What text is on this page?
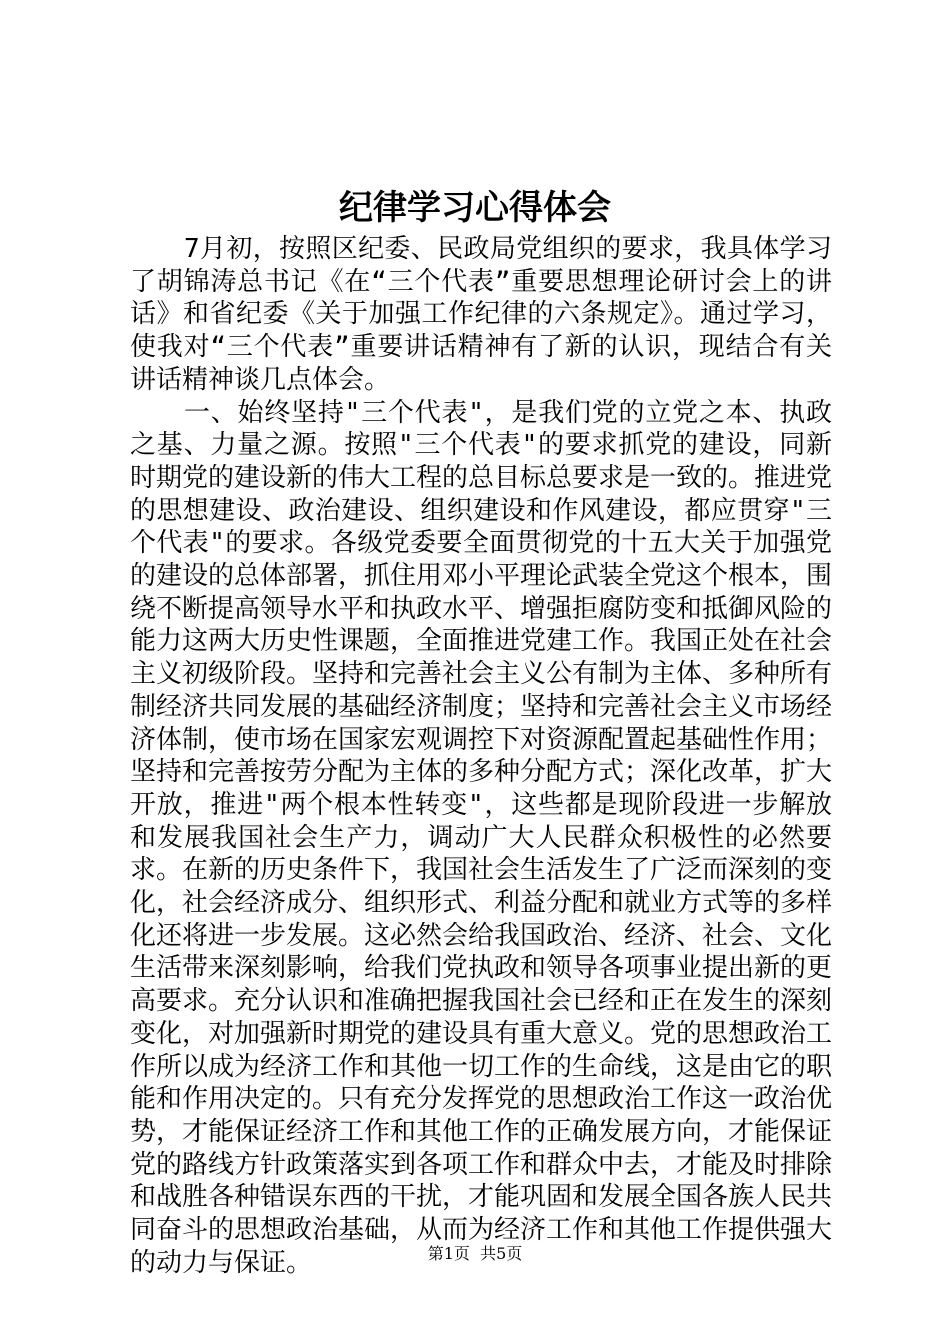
纪律学习心得体会

7月初，按照区纪委、民政局党组织的要求，我具体学习了胡锦涛总书记《在“三个代表”重要思想理论研讨会上的讲话》和省纪委《关于加强工作纪律的六条规定》。通过学习，使我对“三个代表”重要讲话精神有了新的认识，现结合有关讲话精神谈几点体会。

一、始终坚持"三个代表"，是我们党的立党之本、执政之基、力量之源。按照"三个代表"的要求抓党的建设，同新时期党的建设新的伟大工程的总目标总要求是一致的。推进党的思想建设、政治建设、组织建设和作风建设，都应贯穿"三个代表"的要求。各级党委要全面贯彻党的十五大关于加强党的建设的总体部署，抓住用邓小平理论武装全党这个根本，围绕不断提高领导水平和执政水平、增强拒腐防变和抵御风险的能力这两大历史性课题，全面推进党建工作。我国正处在社会主义初级阶段。坚持和完善社会主义公有制为主体、多种所有制经济共同发展的基础经济制度；坚持和完善社会主义市场经济体制，使市场在国家宏观调控下对资源配置起基础性作用；坚持和完善按劳分配为主体的多种分配方式；深化改革，扩大开放，推进"两个根本性转变"，这些都是现阶段进一步解放和发展我国社会生产力，调动广大人民群众积极性的必然要求。在新的历史条件下，我国社会生活发生了广泛而深刻的变化，社会经济成分、组织形式、利益分配和就业方式等的多样化还将进一步发展。这必然会给我国政治、经济、社会、文化生活带来深刻影响，给我们党执政和领导各项事业提出新的更高要求。充分认识和准确把握我国社会已经和正在发生的深刻变化，对加强新时期党的建设具有重大意义。党的思想政治工作所以成为经济工作和其他一切工作的生命线，这是由它的职能和作用决定的。只有充分发挥党的思想政治工作这一政治优势，才能保证经济工作和其他工作的正确发展方向，才能保证党的路线方针政策落实到各项工作和群众中去，才能及时排除和战胜各种错误东西的干扰，才能巩固和发展全国各族人民共同奋斗的思想政治基础，从而为经济工作和其他工作提供强大的动力与保证。	第1页 共5页
